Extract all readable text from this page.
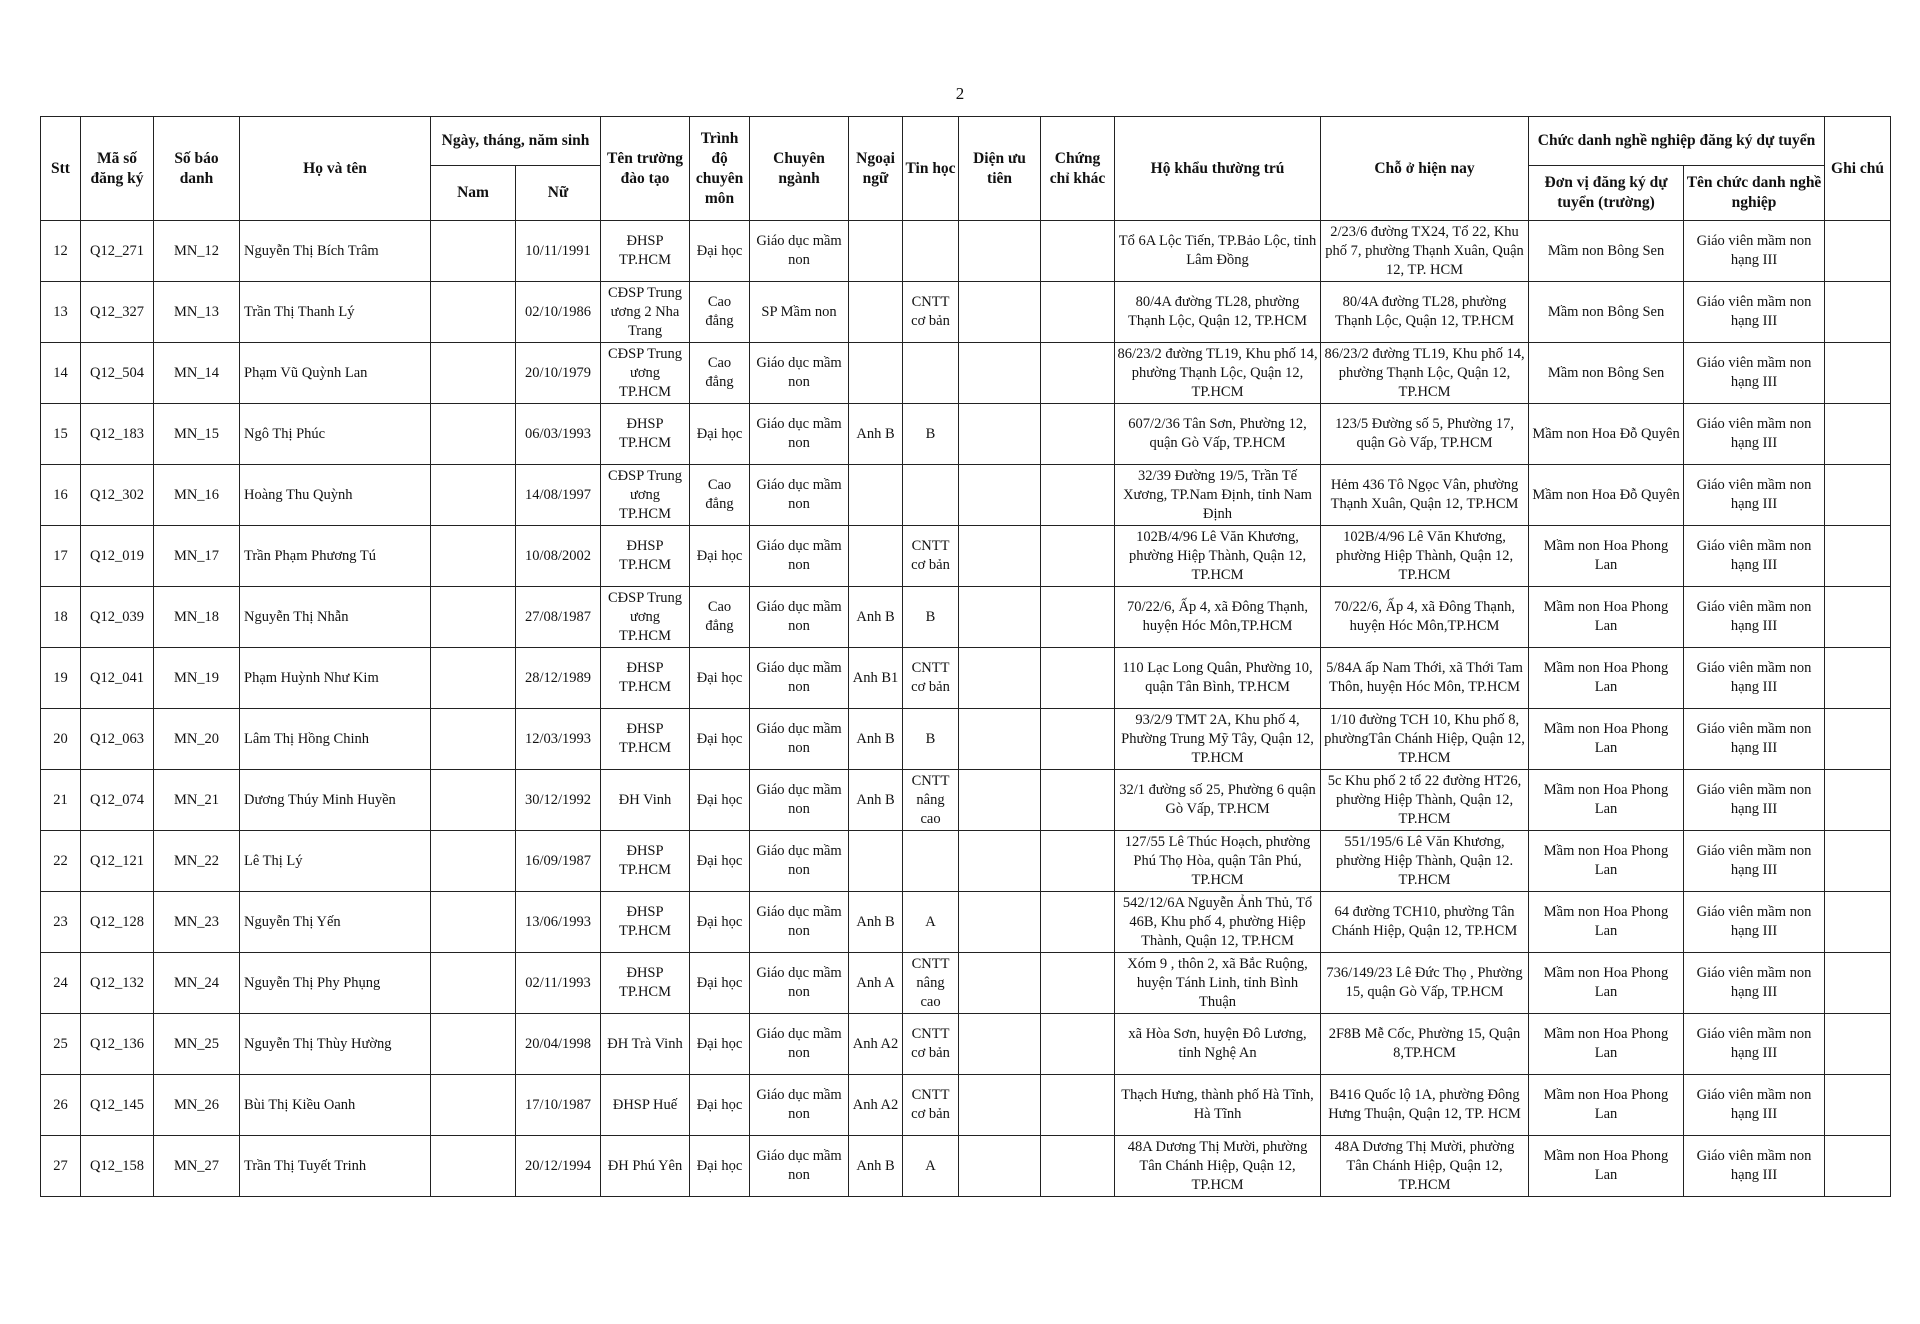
2
Stt	Mã số đăng ký	Số báo danh	Họ và tên	Ngày, tháng, năm sinh		Tên trường đào tạo	Trình độ chuyên môn	Chuyên ngành	Ngoại ngữ	Tin học	Diện ưu tiên	Chứng chỉ khác	Hộ khẩu thường trú	Chỗ ở hiện nay	Chức danh nghề nghiệp đăng ký dự tuyển		Ghi chú
				Nam	Nữ										Đơn vị đăng ký dự tuyển (trường)	Tên chức danh nghề nghiệp	
12	Q12_271	MN_12	Nguyễn Thị Bích Trâm		10/11/1991	ĐHSP TP.HCM	Đại học	Giáo dục mầm non					Tổ 6A Lộc Tiến, TP.Bảo Lộc, tỉnh Lâm Đồng	2/23/6 đường TX24, Tổ 22, Khu phố 7, phường Thạnh Xuân, Quận 12, TP. HCM	Mầm non Bông Sen	Giáo viên mầm non hạng III	
13	Q12_327	MN_13	Trần Thị Thanh Lý		02/10/1986	CĐSP Trung ương 2 Nha Trang	Cao đẳng	SP Mầm non		CNTT cơ bản			80/4A đường TL28, phường Thạnh Lộc, Quận 12, TP.HCM	80/4A đường TL28, phường Thạnh Lộc, Quận 12, TP.HCM	Mầm non Bông Sen	Giáo viên mầm non hạng III	
14	Q12_504	MN_14	Phạm Vũ Quỳnh Lan		20/10/1979	CĐSP Trung ương TP.HCM	Cao đẳng	Giáo dục mầm non					86/23/2 đường TL19, Khu phố 14, phường Thạnh Lộc, Quận 12, TP.HCM	86/23/2 đường TL19, Khu phố 14, phường Thạnh Lộc, Quận 12, TP.HCM	Mầm non Bông Sen	Giáo viên mầm non hạng III	
15	Q12_183	MN_15	Ngô Thị Phúc		06/03/1993	ĐHSP TP.HCM	Đại học	Giáo dục mầm non	Anh B	B			607/2/36 Tân Sơn, Phường 12, quận Gò Vấp, TP.HCM	123/5 Đường số 5, Phường 17, quận Gò Vấp, TP.HCM	Mầm non Hoa Đỗ Quyên	Giáo viên mầm non hạng III	
16	Q12_302	MN_16	Hoàng Thu Quỳnh		14/08/1997	CĐSP Trung ương TP.HCM	Cao đẳng	Giáo dục mầm non					32/39 Đường 19/5, Trần Tế Xương, TP.Nam Định, tỉnh Nam Định	Hẻm 436 Tô Ngọc Vân, phường Thạnh Xuân, Quận 12, TP.HCM	Mầm non Hoa Đỗ Quyên	Giáo viên mầm non hạng III	
17	Q12_019	MN_17	Trần Phạm Phương Tú		10/08/2002	ĐHSP TP.HCM	Đại học	Giáo dục mầm non		CNTT cơ bản			102B/4/96 Lê Văn Khương, phường Hiệp Thành, Quận 12, TP.HCM	102B/4/96 Lê Văn Khương, phường Hiệp Thành, Quận 12, TP.HCM	Mầm non Hoa Phong Lan	Giáo viên mầm non hạng III	
18	Q12_039	MN_18	Nguyễn Thị Nhẫn		27/08/1987	CĐSP Trung ương TP.HCM	Cao đẳng	Giáo dục mầm non	Anh B	B			70/22/6, Ấp 4, xã Đông Thạnh, huyện Hóc Môn,TP.HCM	70/22/6, Ấp 4, xã Đông Thạnh, huyện Hóc Môn,TP.HCM	Mầm non Hoa Phong Lan	Giáo viên mầm non hạng III	
19	Q12_041	MN_19	Phạm Huỳnh Như Kim		28/12/1989	ĐHSP TP.HCM	Đại học	Giáo dục mầm non	Anh B1	CNTT cơ bản			110 Lạc Long Quân, Phường 10, quận Tân Bình, TP.HCM	5/84A ấp Nam Thới, xã Thới Tam Thôn, huyện Hóc Môn, TP.HCM	Mầm non Hoa Phong Lan	Giáo viên mầm non hạng III	
20	Q12_063	MN_20	Lâm Thị Hồng Chinh		12/03/1993	ĐHSP TP.HCM	Đại học	Giáo dục mầm non	Anh B	B			93/2/9 TMT 2A, Khu phố 4, Phường Trung Mỹ Tây, Quận 12, TP.HCM	1/10 đường TCH 10, Khu phố 8, phườngTân Chánh Hiệp, Quận 12, TP.HCM	Mầm non Hoa Phong Lan	Giáo viên mầm non hạng III	
21	Q12_074	MN_21	Dương Thúy Minh Huyền		30/12/1992	ĐH Vinh	Đại học	Giáo dục mầm non	Anh B	CNTT nâng cao			32/1 đường số 25, Phường 6 quận Gò Vấp, TP.HCM	5c Khu phố 2 tổ 22 đường HT26, phường Hiệp Thành, Quận 12, TP.HCM	Mầm non Hoa Phong Lan	Giáo viên mầm non hạng III	
22	Q12_121	MN_22	Lê Thị Lý		16/09/1987	ĐHSP TP.HCM	Đại học	Giáo dục mầm non					127/55 Lê Thúc Hoạch, phường Phú Thọ Hòa, quận Tân Phú, TP.HCM	551/195/6 Lê Văn Khương, phường Hiệp Thành, Quận 12. TP.HCM	Mầm non Hoa Phong Lan	Giáo viên mầm non hạng III	
23	Q12_128	MN_23	Nguyễn Thị Yến		13/06/1993	ĐHSP TP.HCM	Đại học	Giáo dục mầm non	Anh B	A			542/12/6A Nguyễn Ảnh Thủ, Tổ 46B, Khu phố 4, phường Hiệp Thành, Quận 12, TP.HCM	64 đường TCH10, phường Tân Chánh Hiệp, Quận 12, TP.HCM	Mầm non Hoa Phong Lan	Giáo viên mầm non hạng III	
24	Q12_132	MN_24	Nguyễn Thị Phy Phụng		02/11/1993	ĐHSP TP.HCM	Đại học	Giáo dục mầm non	Anh A	CNTT nâng cao			Xóm 9 , thôn 2, xã Bắc Ruộng, huyện Tánh Linh, tỉnh Bình Thuận	736/149/23 Lê Đức Thọ , Phường 15, quận Gò Vấp, TP.HCM	Mầm non Hoa Phong Lan	Giáo viên mầm non hạng III	
25	Q12_136	MN_25	Nguyễn Thị Thùy Hường		20/04/1998	ĐH Trà Vinh	Đại học	Giáo dục mầm non	Anh A2	CNTT cơ bản			xã Hòa Sơn, huyện Đô Lương, tỉnh Nghệ An	2F8B Mễ Cốc, Phường 15, Quận 8,TP.HCM	Mầm non Hoa Phong Lan	Giáo viên mầm non hạng III	
26	Q12_145	MN_26	Bùi Thị Kiều Oanh		17/10/1987	ĐHSP Huế	Đại học	Giáo dục mầm non	Anh A2	CNTT cơ bản			Thạch Hưng, thành phố Hà Tĩnh, Hà Tĩnh	B416 Quốc lộ 1A, phường Đông Hưng Thuận, Quận 12, TP. HCM	Mầm non Hoa Phong Lan	Giáo viên mầm non hạng III	
27	Q12_158	MN_27	Trần Thị Tuyết Trinh		20/12/1994	ĐH Phú Yên	Đại học	Giáo dục mầm non	Anh B	A			48A Dương Thị Mười, phường Tân Chánh Hiệp, Quận 12, TP.HCM	48A Dương Thị Mười, phường Tân Chánh Hiệp, Quận 12, TP.HCM	Mầm non Hoa Phong Lan	Giáo viên mầm non hạng III	
